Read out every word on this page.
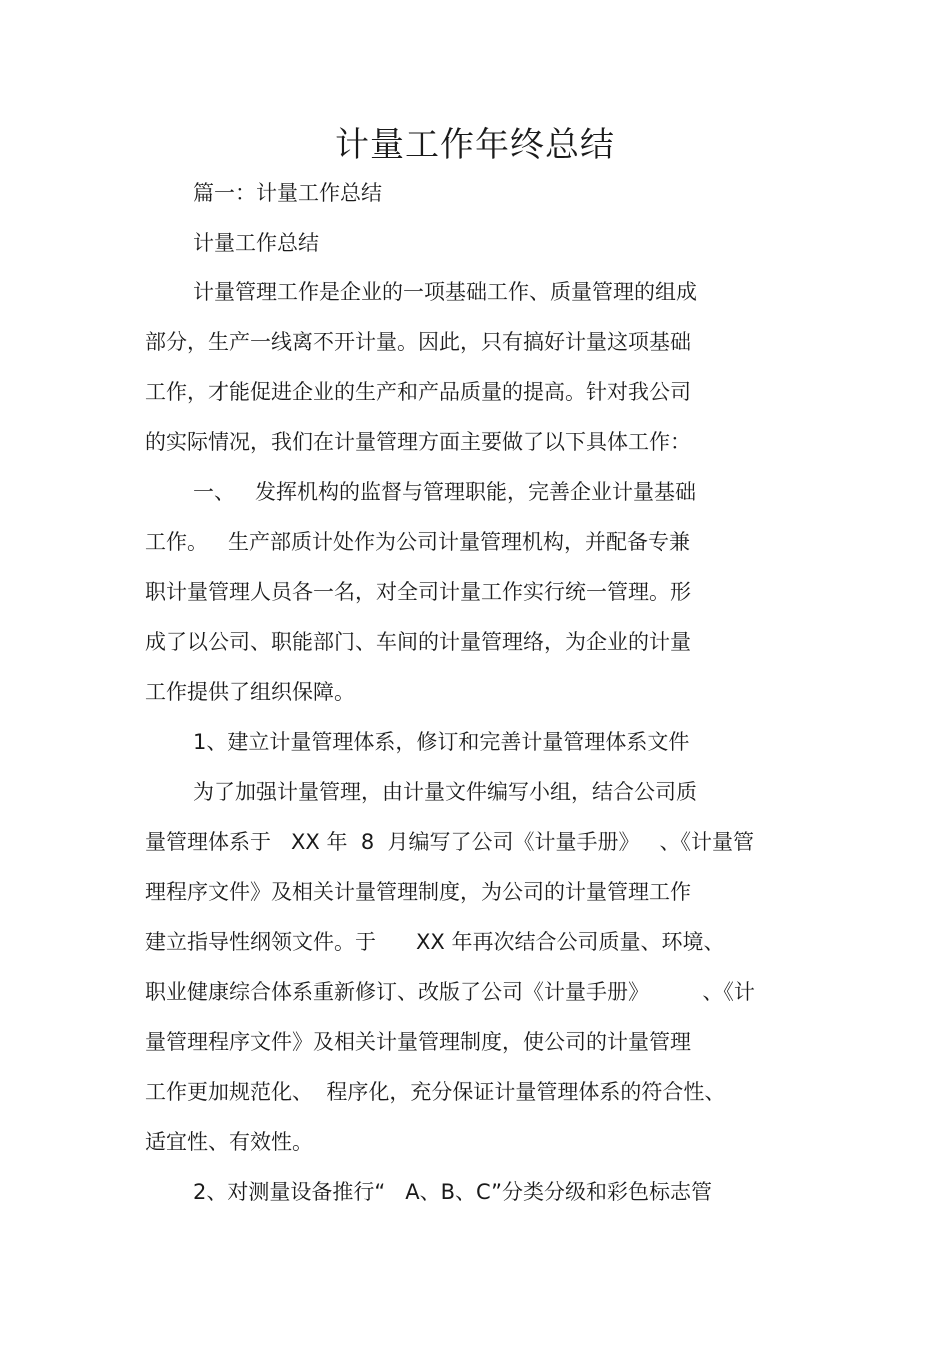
计量工作年终总结
篇一：计量工作总结
计量工作总结
计量管理工作是企业的一项基础工作、质量管理的组成
部分，生产一线离不开计量。因此，只有搞好计量这项基础
工作，才能促进企业的生产和产品质量的提高。针对我公司
的实际情况，我们在计量管理方面主要做了以下具体工作：
一、   发挥机构的监督与管理职能，完善企业计量基础
工作。   生产部质计处作为公司计量管理机构，并配备专兼
职计量管理人员各一名，对全司计量工作实行统一管理。形
成了以公司、职能部门、车间的计量管理络，为企业的计量
工作提供了组织保障。
1、建立计量管理体系，修订和完善计量管理体系文件
为了加强计量管理，由计量文件编写小组，结合公司质
量管理体系于   XX 年  8  月编写了公司《计量手册》   、《计量管
理程序文件》及相关计量管理制度，为公司的计量管理工作
建立指导性纲领文件。于      XX 年再次结合公司质量、环境、
职业健康综合体系重新修订、改版了公司《计量手册》        、《计
量管理程序文件》及相关计量管理制度，使公司的计量管理
工作更加规范化、  程序化，充分保证计量管理体系的符合性、
适宜性、有效性。
2、对测量设备推行“   A、B、C”分类分级和彩色标志管
